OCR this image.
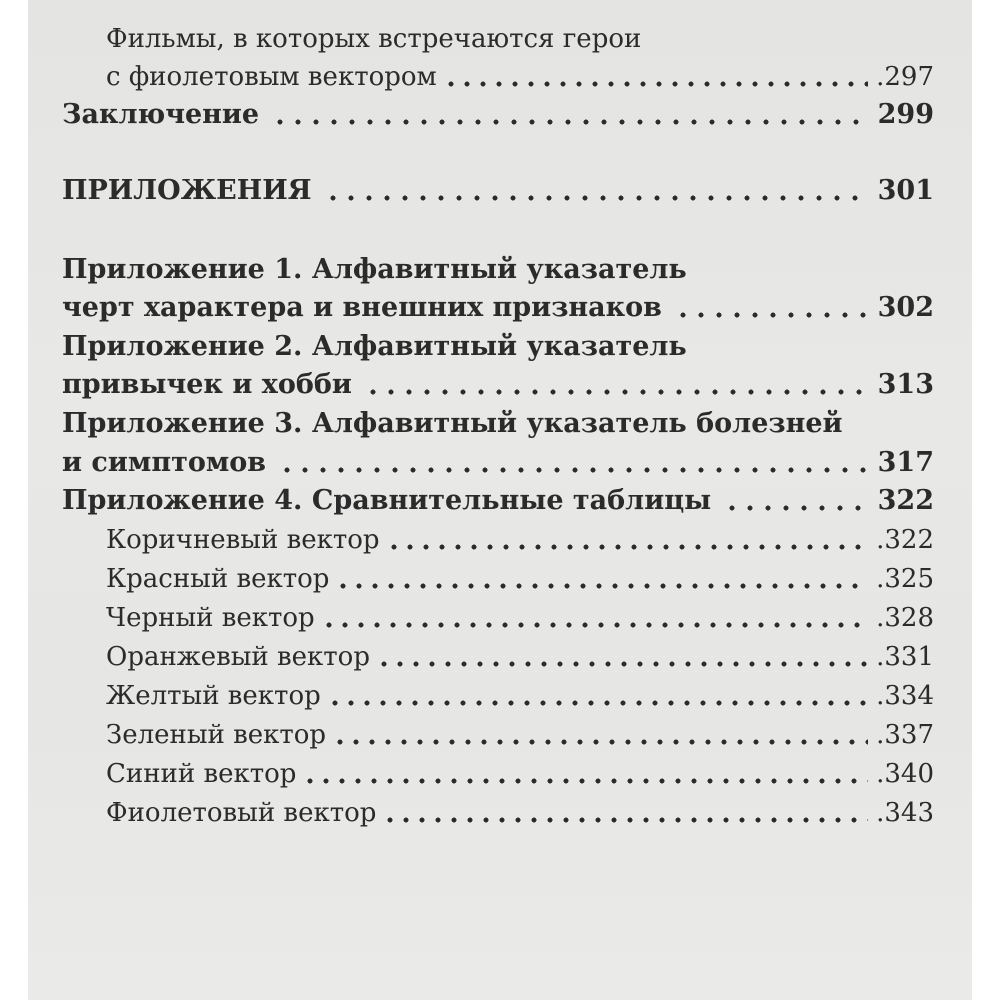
Фильмы, в которых встречаются герои
с фиолетовым вектором	.297
Заключение	299
ПРИЛОЖЕНИЯ	301
Приложение 1. Алфавитный указатель
черт характера и внешних признаков	302
Приложение 2. Алфавитный указатель
привычек и хобби	313
Приложение 3. Алфавитный указатель болезней
и симптомов	317
Приложение 4. Сравнительные таблицы	322
Коричневый вектор	.322
Красный вектор	.325
Черный вектор	.328
Оранжевый вектор	.331
Желтый вектор	.334
Зеленый вектор	.337
Синий вектор	.340
Фиолетовый вектор	.343
